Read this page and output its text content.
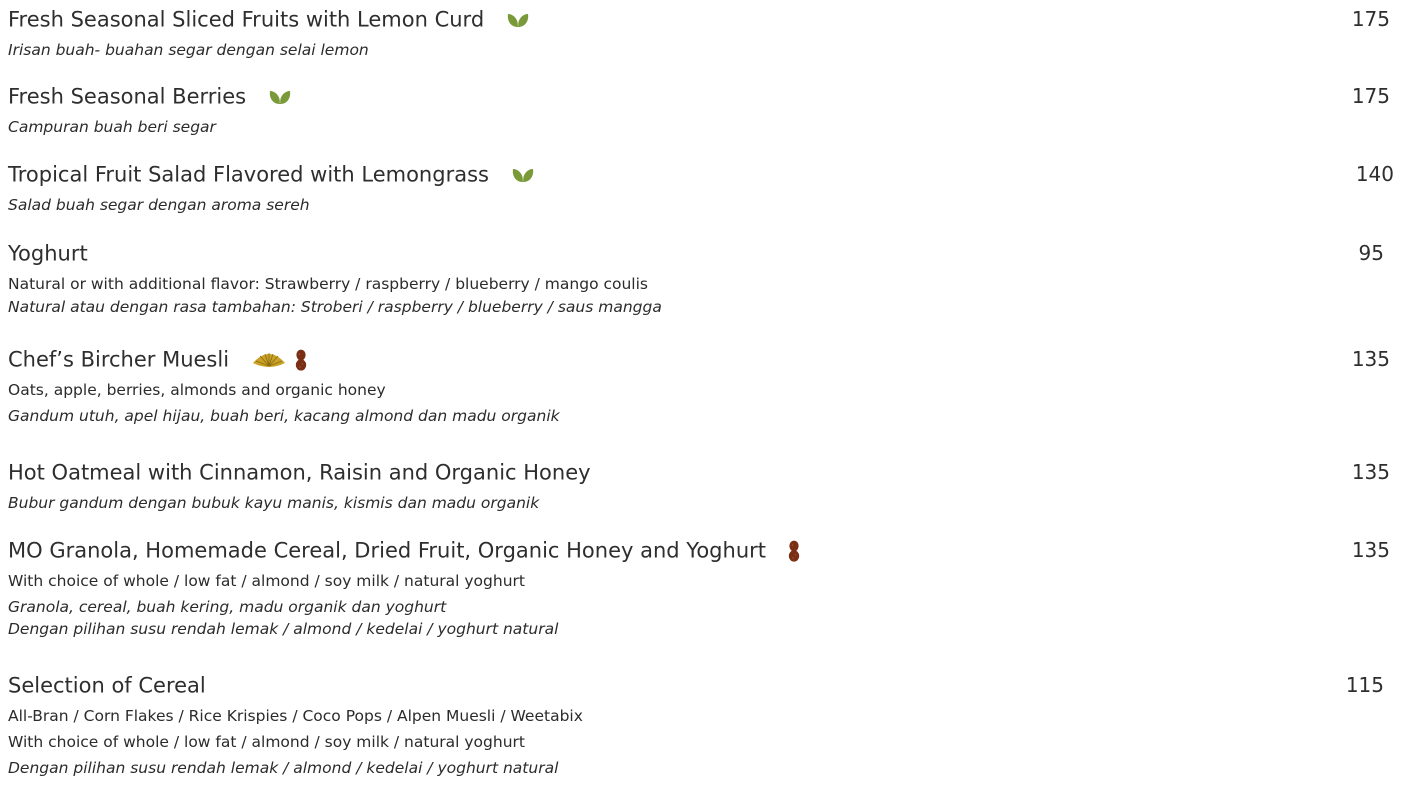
Fresh Seasonal Sliced Fruits with Lemon Curd	175
Irisan buah- buahan segar dengan selai lemon
Fresh Seasonal Berries	175
Campuran buah beri segar
Tropical Fruit Salad Flavored with Lemongrass	140
Salad buah segar dengan aroma sereh
Yoghurt	95
Natural or with additional flavor: Strawberry / raspberry / blueberry / mango coulis
Natural atau dengan rasa tambahan: Stroberi / raspberry / blueberry / saus mangga
Chef’s Bircher Muesli	135
Oats, apple, berries, almonds and organic honey
Gandum utuh, apel hijau, buah beri, kacang almond dan madu organik
Hot Oatmeal with Cinnamon, Raisin and Organic Honey	135
Bubur gandum dengan bubuk kayu manis, kismis dan madu organik
MO Granola, Homemade Cereal, Dried Fruit, Organic Honey and Yoghurt	135
With choice of whole / low fat / almond / soy milk / natural yoghurt
Granola, cereal, buah kering, madu organik dan yoghurt
Dengan pilihan susu rendah lemak / almond / kedelai / yoghurt natural
Selection of Cereal	115
All-Bran / Corn Flakes / Rice Krispies / Coco Pops / Alpen Muesli / Weetabix
With choice of whole / low fat / almond / soy milk / natural yoghurt
Dengan pilihan susu rendah lemak / almond / kedelai / yoghurt natural
